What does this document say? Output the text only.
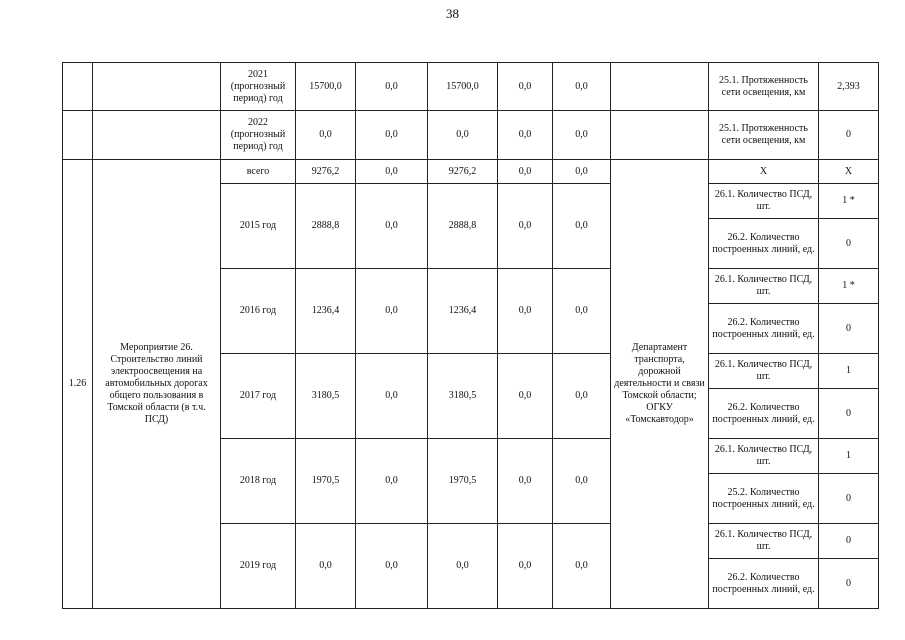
38
		2021 (прогнозный период) год	15700,0	0,0	15700,0	0,0	0,0		25.1. Протяженность сети освещения, км	2,393
		2022 (прогнозный период) год	0,0	0,0	0,0	0,0	0,0		25.1. Протяженность сети освещения, км	0
1.26	Мероприятие 26. Строительство линий электроосвещения на автомобильных дорогах общего пользования в Томской области (в т.ч. ПСД)	всего	9276,2	0,0	9276,2	0,0	0,0	Департамент транспорта, дорожной деятельности и связи Томской области; ОГКУ «Томскавтодор»	X	X
		2015 год	2888,8	0,0	2888,8	0,0	0,0		26.1. Количество ПСД, шт.	1 *
									26.2. Количество построенных линий, ед.	0
		2016 год	1236,4	0,0	1236,4	0,0	0,0		26.1. Количество ПСД, шт.	1 *
									26.2. Количество построенных линий, ед.	0
		2017 год	3180,5	0,0	3180,5	0,0	0,0		26.1. Количество ПСД, шт.	1
									26.2. Количество построенных линий, ед.	0
		2018 год	1970,5	0,0	1970,5	0,0	0,0		26.1. Количество ПСД, шт.	1
									25.2. Количество построенных линий, ед.	0
		2019 год	0,0	0,0	0,0	0,0	0,0		26.1. Количество ПСД, шт.	0
									26.2. Количество построенных линий, ед.	0
